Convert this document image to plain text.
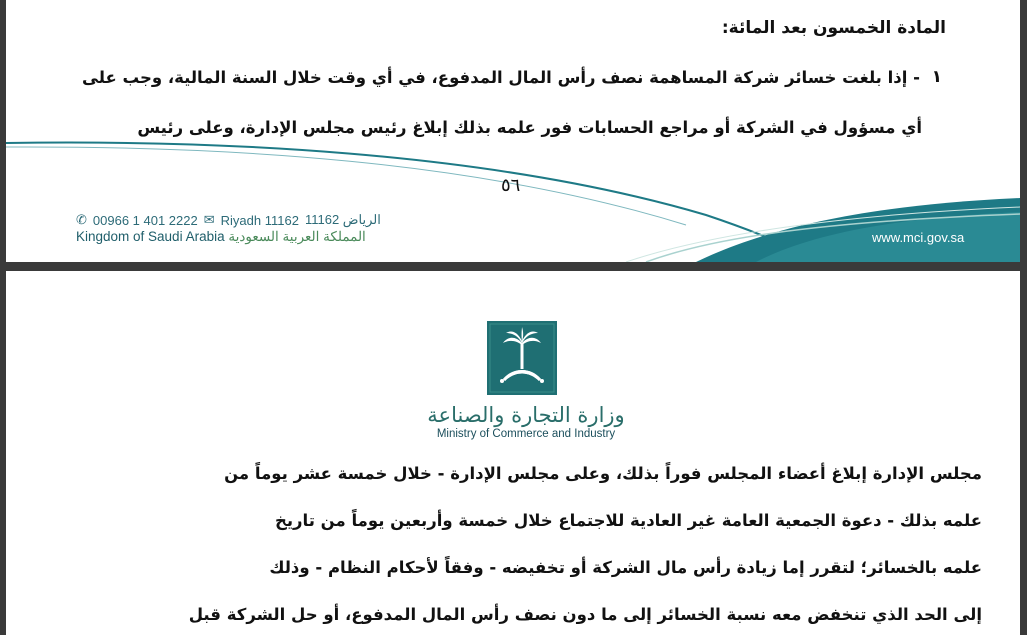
المادة الخمسون بعد المائة:
١
- إذا بلغت خسائر شركة المساهمة نصف رأس المال المدفوع، في أي وقت خلال السنة المالية، وجب على
أي مسؤول في الشركة أو مراجع الحسابات فور علمه بذلك إبلاغ رئيس مجلس الإدارة، وعلى رئيس
٥٦
✆ 00966 1 401 2222 ✉ Riyadh 11162 الرياض 11162
Kingdom of Saudi Arabia المملكة العربية السعودية	www.mci.gov.sa
وزارة التجارة والصناعة
Ministry of Commerce and Industry
مجلس الإدارة إبلاغ أعضاء المجلس فوراً بذلك، وعلى مجلس الإدارة - خلال خمسة عشر يوماً من
علمه بذلك - دعوة الجمعية العامة غير العادية للاجتماع خلال خمسة وأربعين يوماً من تاريخ
علمه بالخسائر؛ لتقرر إما زيادة رأس مال الشركة أو تخفيضه - وفقاً لأحكام النظام - وذلك
إلى الحد الذي تنخفض معه نسبة الخسائر إلى ما دون نصف رأس المال المدفوع، أو حل الشركة قبل
